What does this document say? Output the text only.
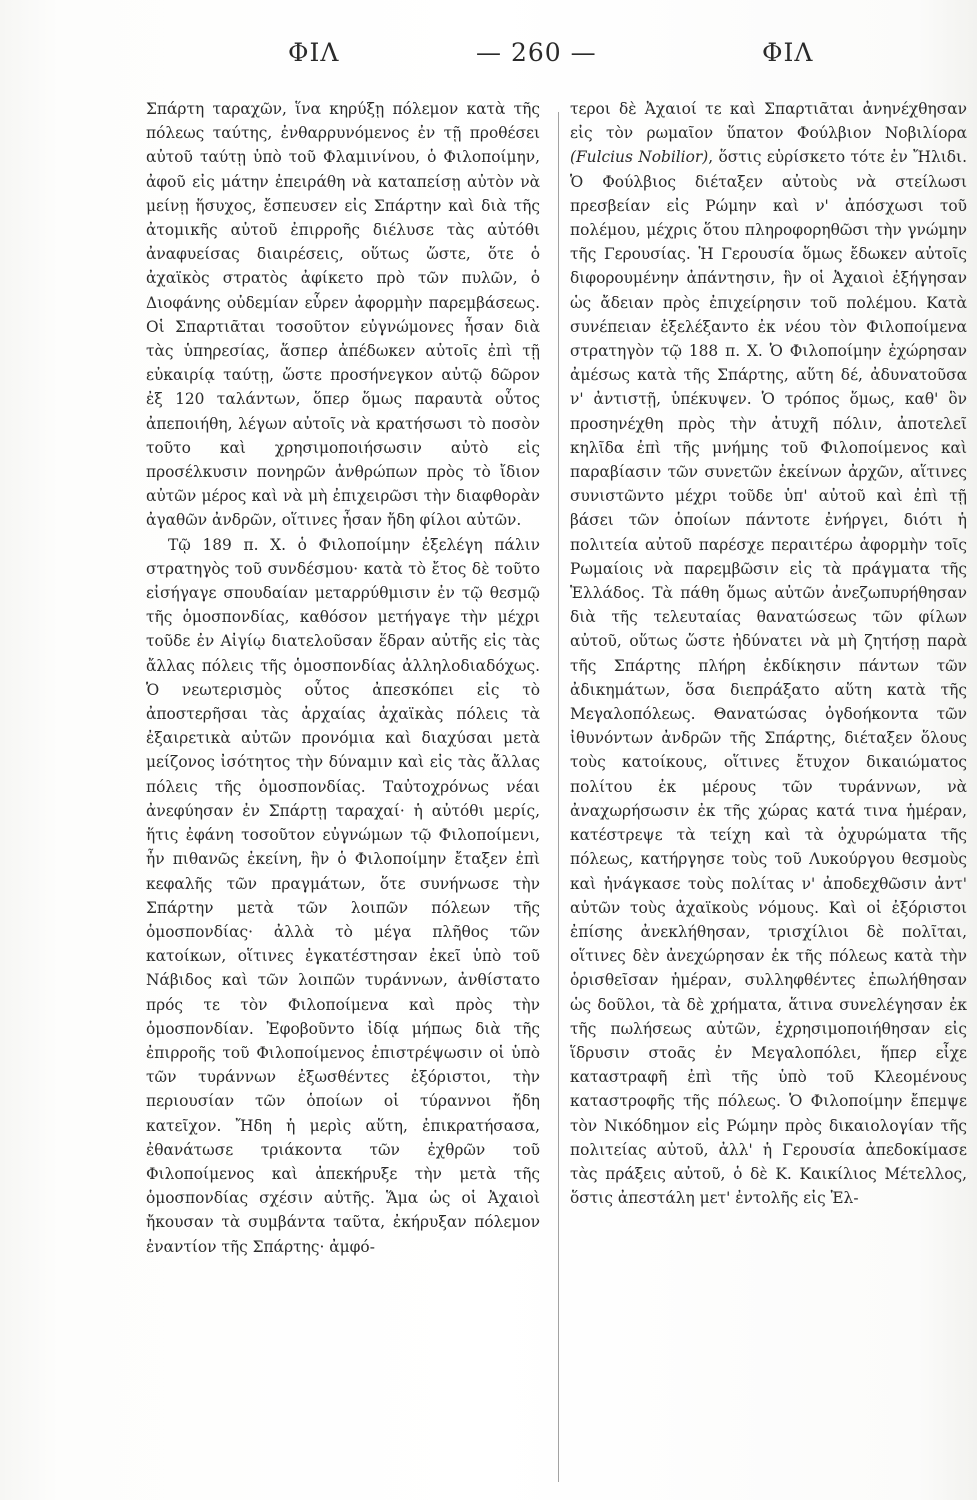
ΦΙΛ	— 260 —	ΦΙΛ

Σπάρτη ταραχῶν, ἵνα κηρύξῃ πόλεμον κατὰ τῆς πόλεως ταύτης, ἐνθαρρυνόμενος ἐν τῇ προθέσει αὐτοῦ ταύτῃ ὑπὸ τοῦ Φλαμινίνου, ὁ Φιλοποίμην, ἀφοῦ εἰς μάτην ἐπειράθη νὰ καταπείσῃ αὐτὸν νὰ μείνῃ ἥσυχος, ἔσπευσεν εἰς Σπάρτην καὶ διὰ τῆς ἀτομικῆς αὐτοῦ ἐπιρροῆς διέλυσε τὰς αὐτόθι ἀναφυείσας διαιρέσεις, οὕτως ὥστε, ὅτε ὁ ἀχαϊκὸς στρατὸς ἀφίκετο πρὸ τῶν πυλῶν, ὁ Διοφάνης οὐδεμίαν εὗρεν ἀφορμὴν παρεμβάσεως. Οἱ Σπαρτιᾶται τοσοῦτον εὐγνώμονες ἦσαν διὰ τὰς ὑπηρεσίας, ἅσπερ ἀπέδωκεν αὐτοῖς ἐπὶ τῇ εὐκαιρίᾳ ταύτῃ, ὥστε προσήνεγκον αὐτῷ δῶρον ἐξ 120 ταλάντων, ὅπερ ὅμως παραυτὰ οὗτος ἀπεποιήθη, λέγων αὐτοῖς νὰ κρατήσωσι τὸ ποσὸν τοῦτο καὶ χρησιμοποιήσωσιν αὐτὸ εἰς προσέλκυσιν πονηρῶν ἀνθρώπων πρὸς τὸ ἴδιον αὐτῶν μέρος καὶ νὰ μὴ ἐπιχειρῶσι τὴν διαφθορὰν ἀγαθῶν ἀνδρῶν, οἵτινες ἦσαν ἤδη φίλοι αὐτῶν.

Τῷ 189 π. Χ. ὁ Φιλοποίμην ἐξελέγη πάλιν στρατηγὸς τοῦ συνδέσμου· κατὰ τὸ ἔτος δὲ τοῦτο εἰσήγαγε σπουδαίαν μεταρρύθμισιν ἐν τῷ θεσμῷ τῆς ὁμοσπονδίας, καθόσον μετήγαγε τὴν μέχρι τοῦδε ἐν Αἰγίῳ διατελοῦσαν ἕδραν αὐτῆς εἰς τὰς ἄλλας πόλεις τῆς ὁμοσπονδίας ἀλληλοδιαδόχως. Ὁ νεωτερισμὸς οὗτος ἀπεσκόπει εἰς τὸ ἀποστερῆσαι τὰς ἀρχαίας ἀχαϊκὰς πόλεις τὰ ἐξαιρετικὰ αὐτῶν προνόμια καὶ διαχύσαι μετὰ μείζονος ἰσότητος τὴν δύναμιν καὶ εἰς τὰς ἄλλας πόλεις τῆς ὁμοσπονδίας. Ταὐτοχρόνως νέαι ἀνεφύησαν ἐν Σπάρτῃ ταραχαί· ἡ αὐτόθι μερίς, ἥτις ἐφάνη τοσοῦτον εὐγνώμων τῷ Φιλοποίμενι, ἦν πιθανῶς ἐκείνη, ἣν ὁ Φιλοποίμην ἔταξεν ἐπὶ κεφαλῆς τῶν πραγμάτων, ὅτε συνήνωσε τὴν Σπάρτην μετὰ τῶν λοιπῶν πόλεων τῆς ὁμοσπονδίας· ἀλλὰ τὸ μέγα πλῆθος τῶν κατοίκων, οἵτινες ἐγκατέστησαν ἐκεῖ ὑπὸ τοῦ Νάβιδος καὶ τῶν λοιπῶν τυράννων, ἀνθίστατο πρός τε τὸν Φιλοποίμενα καὶ πρὸς τὴν ὁμοσπονδίαν. Ἐφοβοῦντο ἰδίᾳ μήπως διὰ τῆς ἐπιρροῆς τοῦ Φιλοποίμενος ἐπιστρέψωσιν οἱ ὑπὸ τῶν τυράννων ἐξωσθέντες ἐξόριστοι, τὴν περιουσίαν τῶν ὁποίων οἱ τύραννοι ἤδη κατεῖχον. Ἤδη ἡ μερὶς αὕτη, ἐπικρατήσασα, ἐθανάτωσε τριάκοντα τῶν ἐχθρῶν τοῦ Φιλοποίμενος καὶ ἀπεκήρυξε τὴν μετὰ τῆς ὁμοσπονδίας σχέσιν αὐτῆς. Ἅμα ὡς οἱ Ἀχαιοὶ ἤκουσαν τὰ συμβάντα ταῦτα, ἐκήρυξαν πόλεμον ἐναντίον τῆς Σπάρτης· ἀμφό-

τεροι δὲ Ἀχαιοί τε καὶ Σπαρτιᾶται ἀνηνέχθησαν εἰς τὸν ρωμαῖον ὕπατον Φούλβιον Νοβιλίορα (Fulcius Nobilior), ὅστις εὑρίσκετο τότε ἐν Ἤλιδι. Ὁ Φούλβιος διέταξεν αὐτοὺς νὰ στείλωσι πρεσβείαν εἰς Ρώμην καὶ ν' ἀπόσχωσι τοῦ πολέμου, μέχρις ὅτου πληροφορηθῶσι τὴν γνώμην τῆς Γερουσίας. Ἡ Γερουσία ὅμως ἔδωκεν αὐτοῖς διφορουμένην ἀπάντησιν, ἣν οἱ Ἀχαιοὶ ἐξήγησαν ὡς ἄδειαν πρὸς ἐπιχείρησιν τοῦ πολέμου. Κατὰ συνέπειαν ἐξελέξαντο ἐκ νέου τὸν Φιλοποίμενα στρατηγὸν τῷ 188 π. Χ. Ὁ Φιλοποίμην ἐχώρησαν ἀμέσως κατὰ τῆς Σπάρτης, αὕτη δέ, ἀδυνατοῦσα ν' ἀντιστῇ, ὑπέκυψεν. Ὁ τρόπος ὅμως, καθ' ὃν προσηνέχθη πρὸς τὴν ἀτυχῆ πόλιν, ἀποτελεῖ κηλῖδα ἐπὶ τῆς μνήμης τοῦ Φιλοποίμενος καὶ παραβίασιν τῶν συνετῶν ἐκείνων ἀρχῶν, αἵτινες συνιστῶντο μέχρι τοῦδε ὑπ' αὐτοῦ καὶ ἐπὶ τῇ βάσει τῶν ὁποίων πάντοτε ἐνήργει, διότι ἡ πολιτεία αὐτοῦ παρέσχε περαιτέρω ἀφορμὴν τοῖς Ρωμαίοις νὰ παρεμβῶσιν εἰς τὰ πράγματα τῆς Ἑλλάδος. Τὰ πάθη ὅμως αὐτῶν ἀνεζωπυρήθησαν διὰ τῆς τελευταίας θανατώσεως τῶν φίλων αὐτοῦ, οὕτως ὥστε ἠδύνατει νὰ μὴ ζητήσῃ παρὰ τῆς Σπάρτης πλήρη ἐκδίκησιν πάντων τῶν ἀδικημάτων, ὅσα διεπράξατο αὕτη κατὰ τῆς Μεγαλοπόλεως. Θανατώσας ὀγδοήκοντα τῶν ἰθυνόντων ἀνδρῶν τῆς Σπάρτης, διέταξεν ὅλους τοὺς κατοίκους, οἵτινες ἔτυχον δικαιώματος πολίτου ἐκ μέρους τῶν τυράννων, νὰ ἀναχωρήσωσιν ἐκ τῆς χώρας κατά τινα ἡμέραν, κατέστρεψε τὰ τείχη καὶ τὰ ὀχυρώματα τῆς πόλεως, κατήργησε τοὺς τοῦ Λυκούργου θεσμοὺς καὶ ἠνάγκασε τοὺς πολίτας ν' ἀποδεχθῶσιν ἀντ' αὐτῶν τοὺς ἀχαϊκοὺς νόμους. Καὶ οἱ ἐξόριστοι ἐπίσης ἀνεκλήθησαν, τρισχίλιοι δὲ πολῖται, οἵτινες δὲν ἀνεχώρησαν ἐκ τῆς πόλεως κατὰ τὴν ὁρισθεῖσαν ἡμέραν, συλληφθέντες ἐπωλήθησαν ὡς δοῦλοι, τὰ δὲ χρήματα, ἅτινα συνελέγησαν ἐκ τῆς πωλήσεως αὐτῶν, ἐχρησιμοποιήθησαν εἰς ἵδρυσιν στοᾶς ἐν Μεγαλοπόλει, ἥπερ εἶχε καταστραφῆ ἐπὶ τῆς ὑπὸ τοῦ Κλεομένους καταστροφῆς τῆς πόλεως. Ὁ Φιλοποίμην ἔπεμψε τὸν Νικόδημον εἰς Ρώμην πρὸς δικαιολογίαν τῆς πολιτείας αὐτοῦ, ἀλλ' ἡ Γερουσία ἀπεδοκίμασε τὰς πράξεις αὐτοῦ, ὁ δὲ Κ. Καικίλιος Μέτελλος, ὅστις ἀπεστάλη μετ' ἐντολῆς εἰς Ἑλ-
